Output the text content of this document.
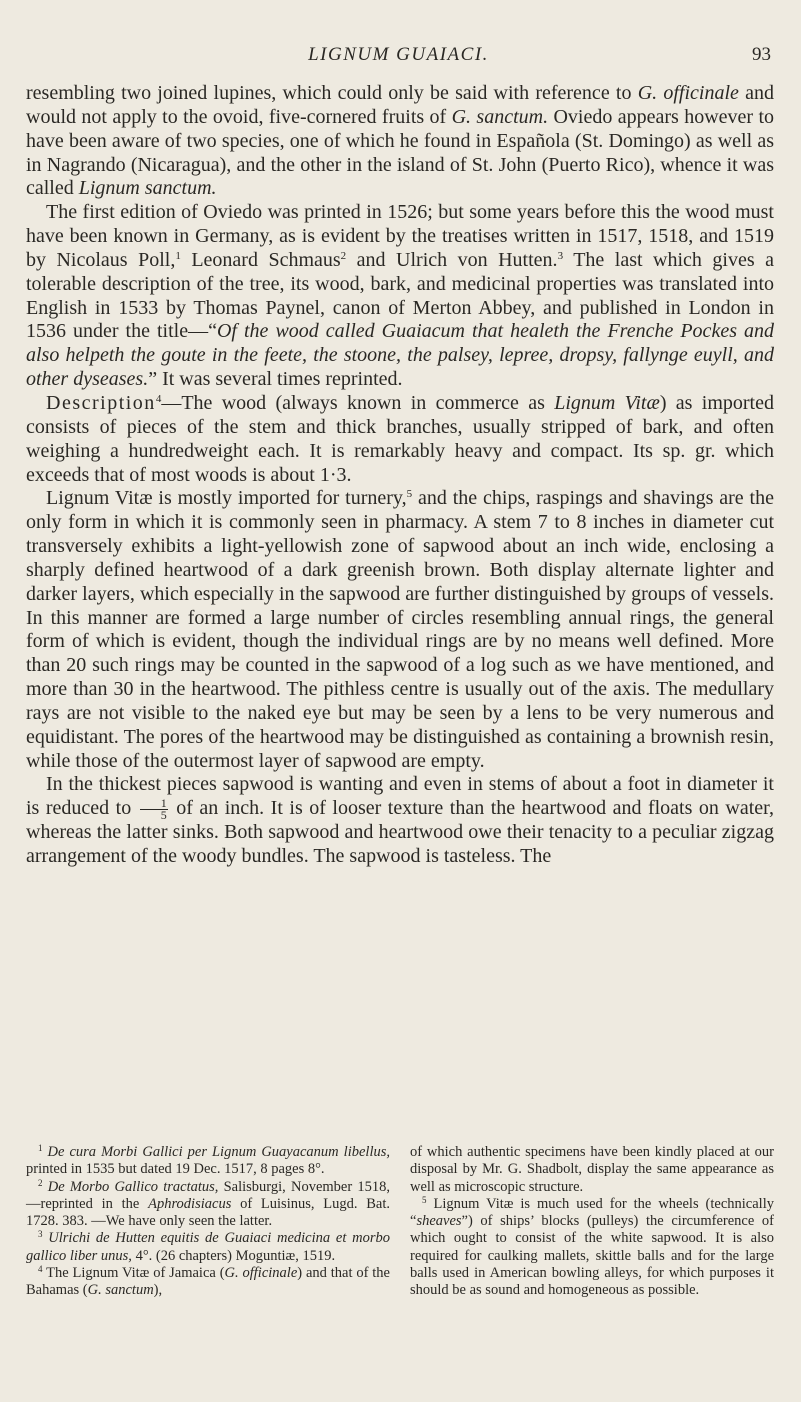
LIGNUM GUAIACI.	93

resembling two joined lupines, which could only be said with reference to G. officinale and would not apply to the ovoid, five-cornered fruits of G. sanctum. Oviedo appears however to have been aware of two species, one of which he found in Española (St. Domingo) as well as in Nagrando (Nicaragua), and the other in the island of St. John (Puerto Rico), whence it was called Lignum sanctum.

The first edition of Oviedo was printed in 1526; but some years before this the wood must have been known in Germany, as is evident by the treatises written in 1517, 1518, and 1519 by Nicolaus Poll,$^1$ Leonard Schmaus$^2$ and Ulrich von Hutten.$^3$ The last which gives a tolerable description of the tree, its wood, bark, and medicinal properties was translated into English in 1533 by Thomas Paynel, canon of Merton Abbey, and published in London in 1536 under the title—“Of the wood called Guaiacum that healeth the Frenche Pockes and also helpeth the goute in the feete, the stoone, the palsey, lepree, dropsy, fallynge euyll, and other dyseases.” It was several times reprinted.

Description$^4$—The wood (always known in commerce as Lignum Vitæ) as imported consists of pieces of the stem and thick branches, usually stripped of bark, and often weighing a hundredweight each. It is remarkably heavy and compact. Its sp. gr. which exceeds that of most woods is about 1·3.

Lignum Vitæ is mostly imported for turnery,$^5$ and the chips, raspings and shavings are the only form in which it is commonly seen in pharmacy. A stem 7 to 8 inches in diameter cut transversely exhibits a light-yellowish zone of sapwood about an inch wide, enclosing a sharply defined heartwood of a dark greenish brown. Both display alternate lighter and darker layers, which especially in the sapwood are further distinguished by groups of vessels. In this manner are formed a large number of circles resembling annual rings, the general form of which is evident, though the individual rings are by no means well defined. More than 20 such rings may be counted in the sapwood of a log such as we have mentioned, and more than 30 in the heartwood. The pithless centre is usually out of the axis. The medullary rays are not visible to the naked eye but may be seen by a lens to be very numerous and equidistant. The pores of the heartwood may be distinguished as containing a brownish resin, while those of the outermost layer of sapwood are empty.

In the thickest pieces sapwood is wanting and even in stems of about a foot in diameter it is reduced to $\frac{1}{5}$ of an inch. It is of looser texture than the heartwood and floats on water, whereas the latter sinks. Both sapwood and heartwood owe their tenacity to a peculiar zigzag arrangement of the woody bundles. The sapwood is tasteless. The

$^1$ De cura Morbi Gallici per Lignum Guayacanum libellus, printed in 1535 but dated 19 Dec. 1517, 8 pages 8°.

$^2$ De Morbo Gallico tractatus, Salisburgi, November 1518,—reprinted in the Aphrodisiacus of Luisinus, Lugd. Bat. 1728. 383. —We have only seen the latter.

$^3$ Ulrichi de Hutten equitis de Guaiaci medicina et morbo gallico liber unus, 4°. (26 chapters) Moguntiæ, 1519.

$^4$ The Lignum Vitæ of Jamaica (G. officinale) and that of the Bahamas (G. sanctum),

of which authentic specimens have been kindly placed at our disposal by Mr. G. Shadbolt, display the same appearance as well as microscopic structure.

$^5$ Lignum Vitæ is much used for the wheels (technically “sheaves”) of ships’ blocks (pulleys) the circumference of which ought to consist of the white sapwood. It is also required for caulking mallets, skittle balls and for the large balls used in American bowling alleys, for which purposes it should be as sound and homogeneous as possible.
